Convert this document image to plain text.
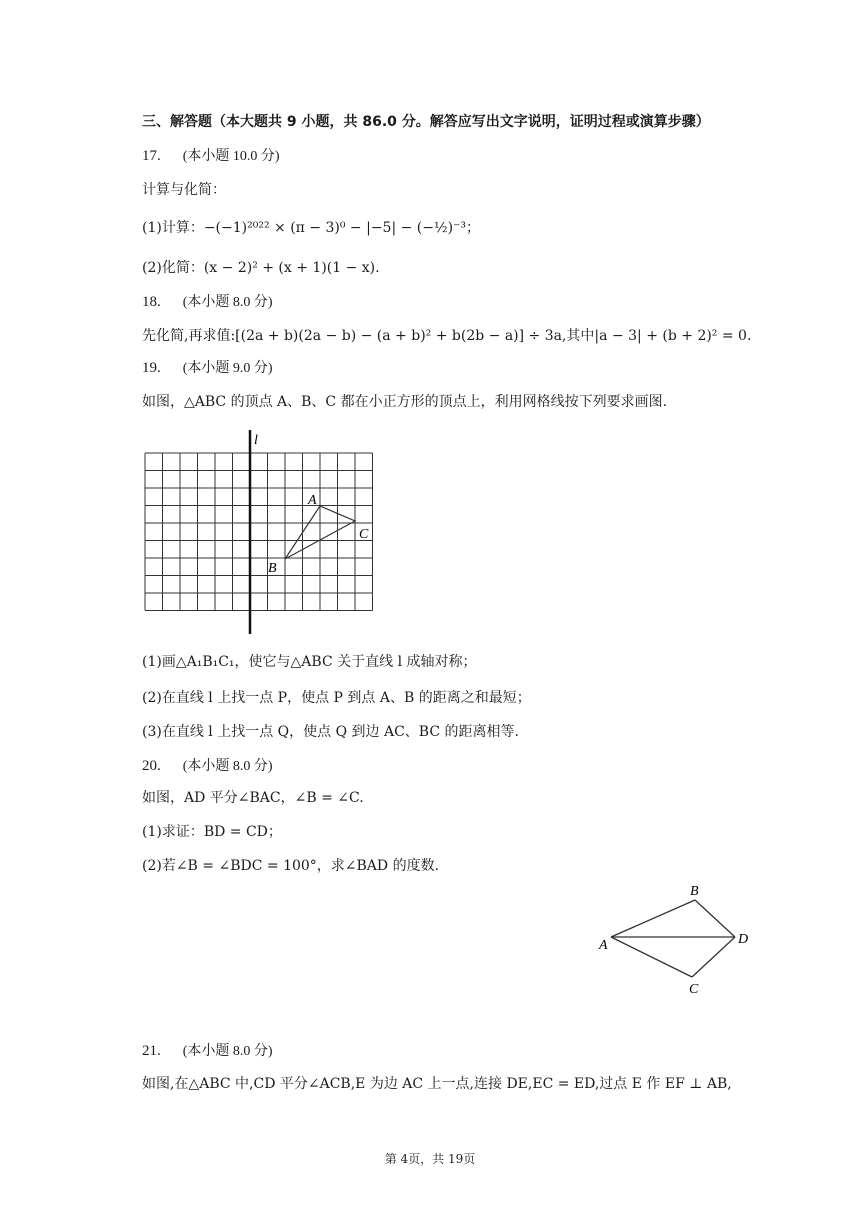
三、解答题（本大题共 9 小题，共 86.0 分。解答应写出文字说明，证明过程或演算步骤）
17. (本小题 10.0 分)
计算与化简：
(1)计算：−(−1)²⁰²² × (π − 3)⁰ − |−5| − (−½)⁻³；
(2)化简：(x − 2)² + (x + 1)(1 − x).
18. (本小题 8.0 分)
先化简,再求值:[(2a + b)(2a − b) − (a + b)² + b(2b − a)] ÷ 3a,其中|a − 3| + (b + 2)² = 0.
19. (本小题 9.0 分)
如图，△ABC 的顶点 A、B、C 都在小正方形的顶点上，利用网格线按下列要求画图.
l
A
B
C
(1)画△A₁B₁C₁，使它与△ABC 关于直线 l 成轴对称；
(2)在直线 l 上找一点 P，使点 P 到点 A、B 的距离之和最短；
(3)在直线 l 上找一点 Q，使点 Q 到边 AC、BC 的距离相等.
20. (本小题 8.0 分)
如图，AD 平分∠BAC，∠B = ∠C.
(1)求证：BD = CD；
(2)若∠B = ∠BDC = 100°，求∠BAD 的度数.
A
B
C
D
21. (本小题 8.0 分)
如图,在△ABC 中,CD 平分∠ACB,E 为边 AC 上一点,连接 DE,EC = ED,过点 E 作 EF ⊥ AB,
第 4页，共 19页
